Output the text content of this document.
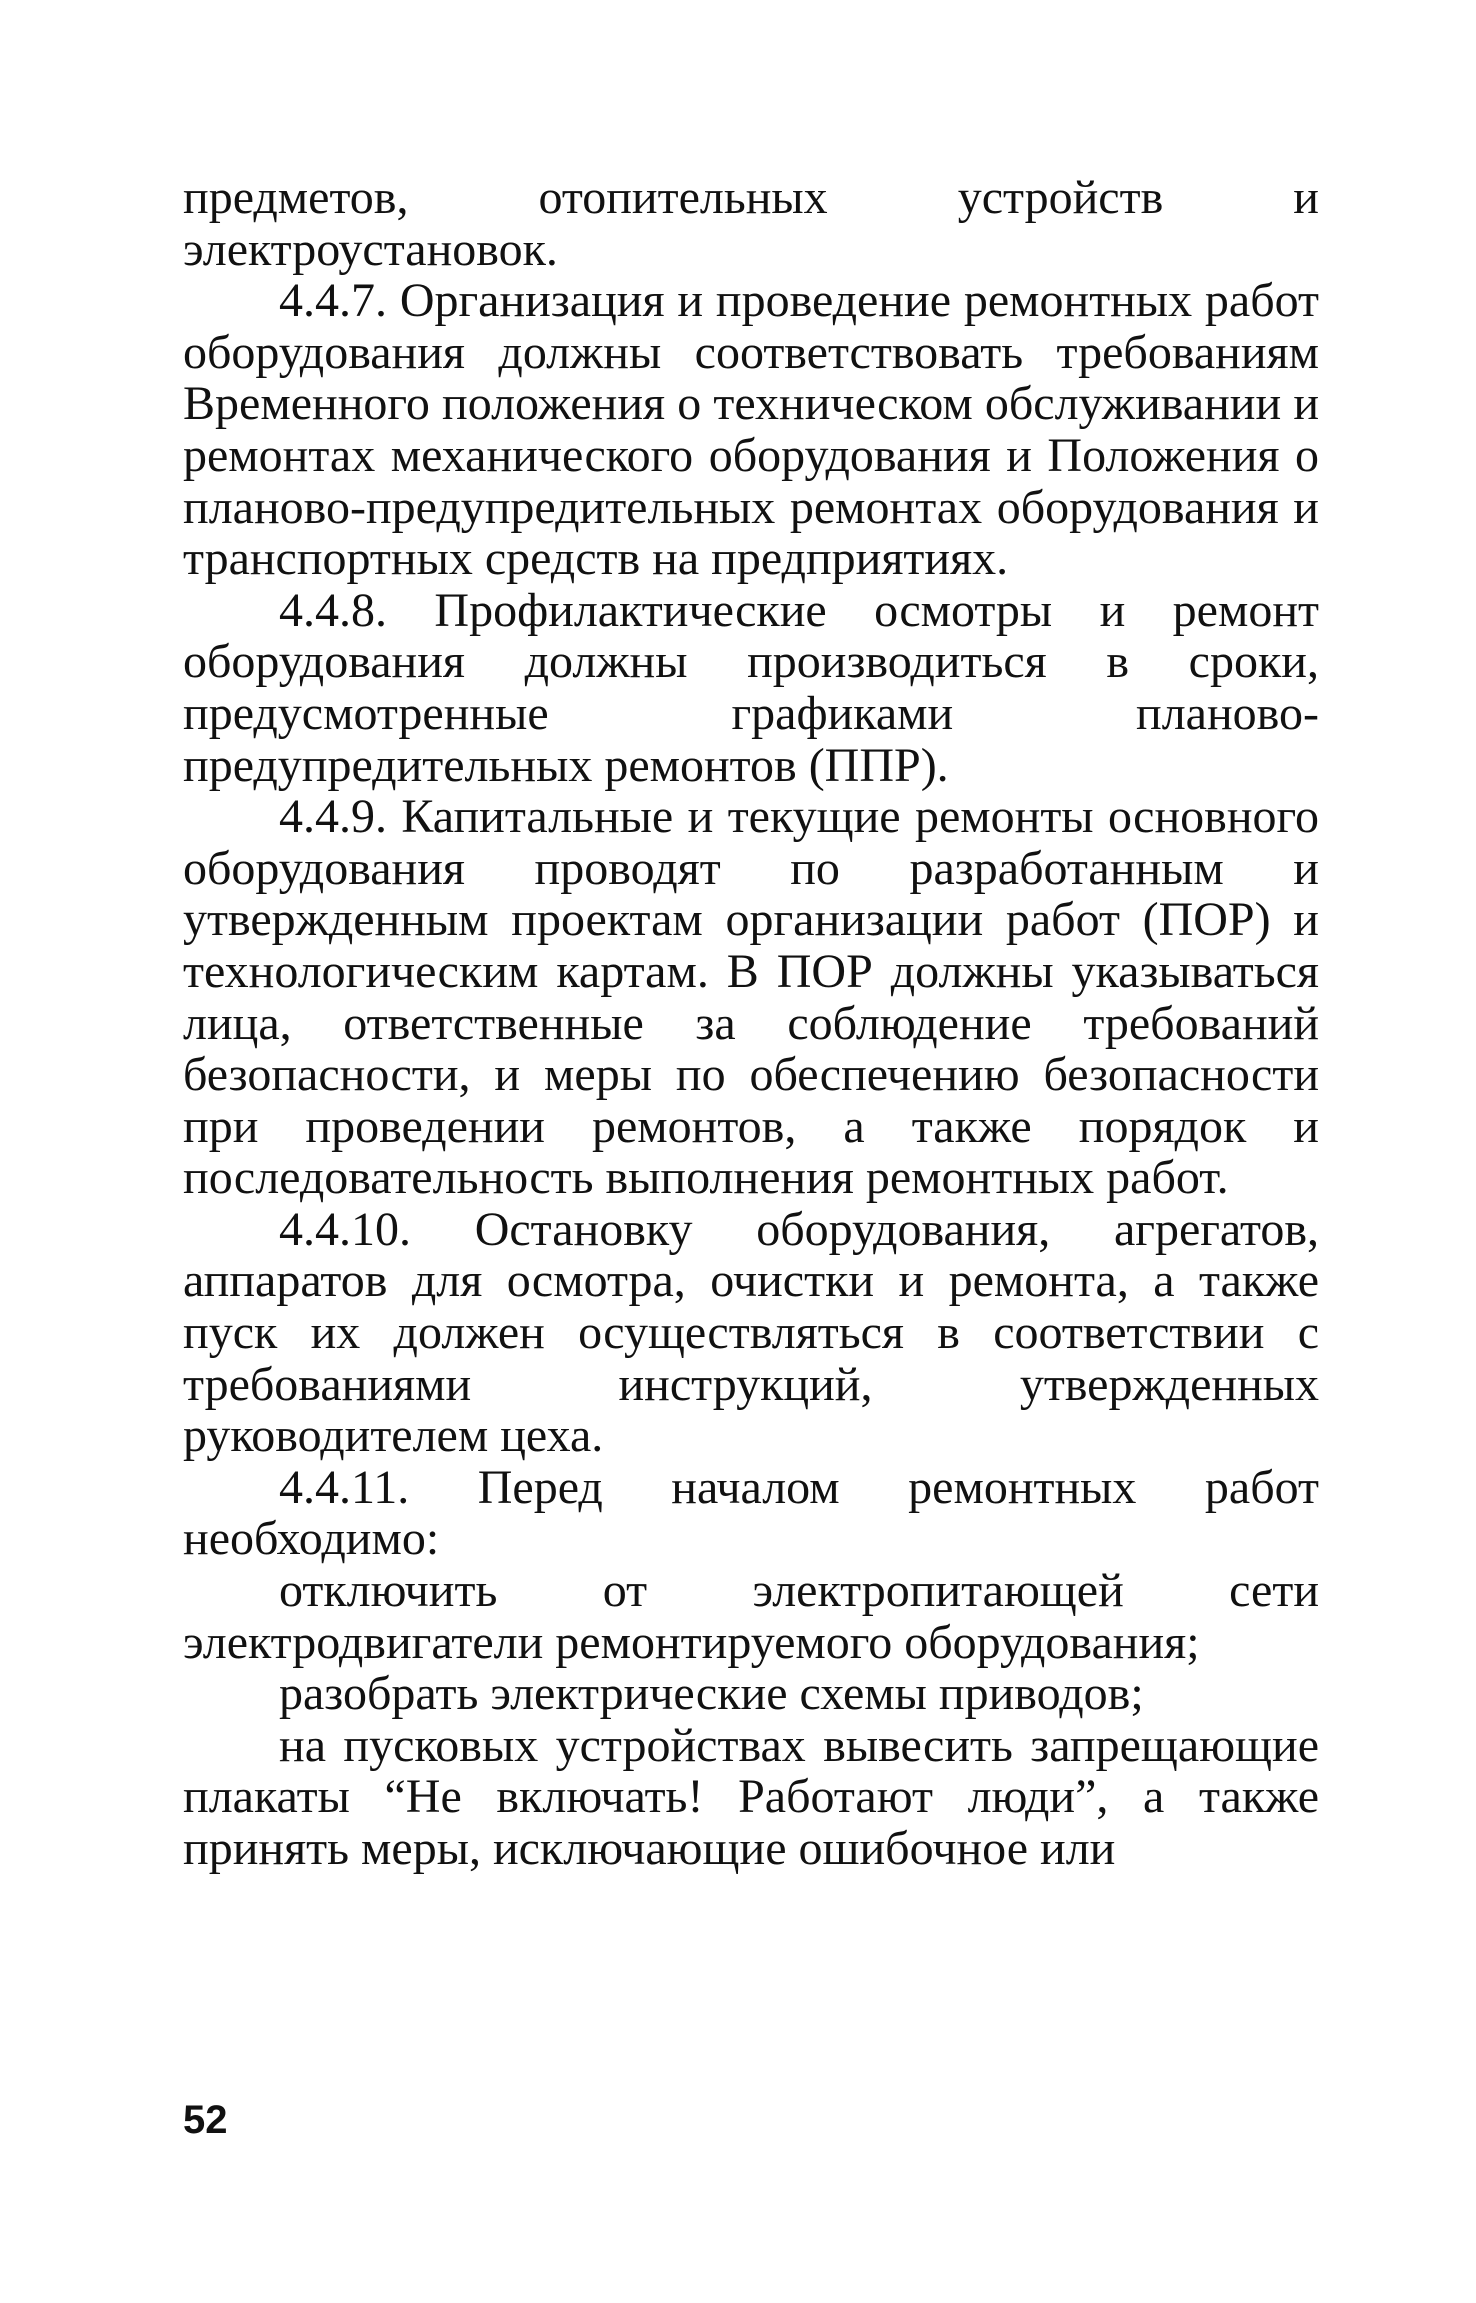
предметов, отопительных устройств и электроустановок.

4.4.7. Организация и проведение ремонтных работ оборудования должны соответствовать требованиям Временного положения о техническом обслуживании и ремонтах механического оборудования и Положения о планово-предупредительных ремонтах оборудования и транспортных средств на предприятиях.

4.4.8. Профилактические осмотры и ремонт оборудования должны производиться в сроки, предусмотренные графиками планово-предупредительных ремонтов (ППР).

4.4.9. Капитальные и текущие ремонты основного оборудования проводят по разработанным и утвержденным проектам организации работ (ПОР) и технологическим картам. В ПОР должны указываться лица, ответственные за соблюдение требований безопасности, и меры по обеспечению безопасности при проведении ремонтов, а также порядок и последовательность выполнения ремонтных работ.

4.4.10. Остановку оборудования, агрегатов, аппаратов для осмотра, очистки и ремонта, а также пуск их должен осуществляться в соответствии с требованиями инструкций, утвержденных руководителем цеха.

4.4.11. Перед началом ремонтных работ необходимо:

отключить от электропитающей сети электродвигатели ремонтируемого оборудования;

разобрать электрические схемы приводов;

на пусковых устройствах вывесить запрещающие плакаты “Не включать! Работают люди”, а также принять меры, исключающие ошибочное или

52
